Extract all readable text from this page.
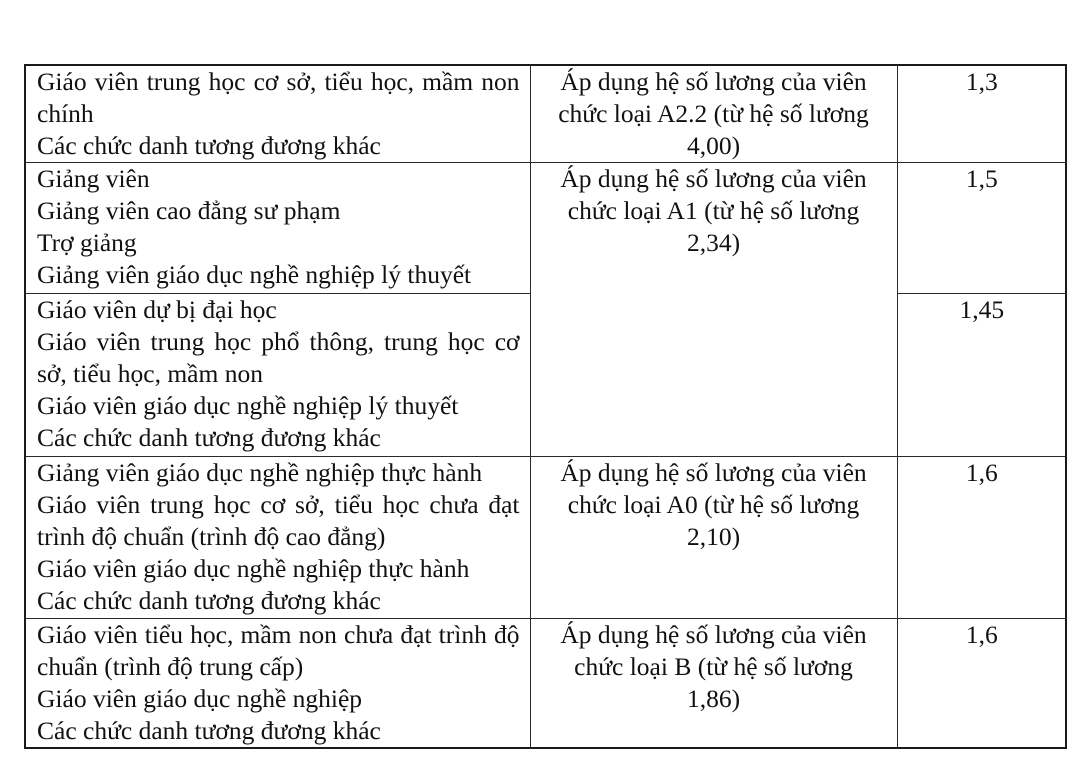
Giáo viên trung học cơ sở, tiểu học, mầm non chính
Các chức danh tương đương khác	Áp dụng hệ số lương của viên chức loại A2.2 (từ hệ số lương 4,00)	1,3

Giảng viên
Giảng viên cao đẳng sư phạm
Trợ giảng
Giảng viên giáo dục nghề nghiệp lý thuyết	Áp dụng hệ số lương của viên chức loại A1 (từ hệ số lương 2,34)	1,5

Giáo viên dự bị đại học
Giáo viên trung học phổ thông, trung học cơ sở, tiểu học, mầm non
Giáo viên giáo dục nghề nghiệp lý thuyết
Các chức danh tương đương khác		1,45

Giảng viên giáo dục nghề nghiệp thực hành
Giáo viên trung học cơ sở, tiểu học chưa đạt trình độ chuẩn (trình độ cao đẳng)
Giáo viên giáo dục nghề nghiệp thực hành
Các chức danh tương đương khác	Áp dụng hệ số lương của viên chức loại A0 (từ hệ số lương 2,10)	1,6

Giáo viên tiểu học, mầm non chưa đạt trình độ chuẩn (trình độ trung cấp)
Giáo viên giáo dục nghề nghiệp
Các chức danh tương đương khác	Áp dụng hệ số lương của viên chức loại B (từ hệ số lương 1,86)	1,6
